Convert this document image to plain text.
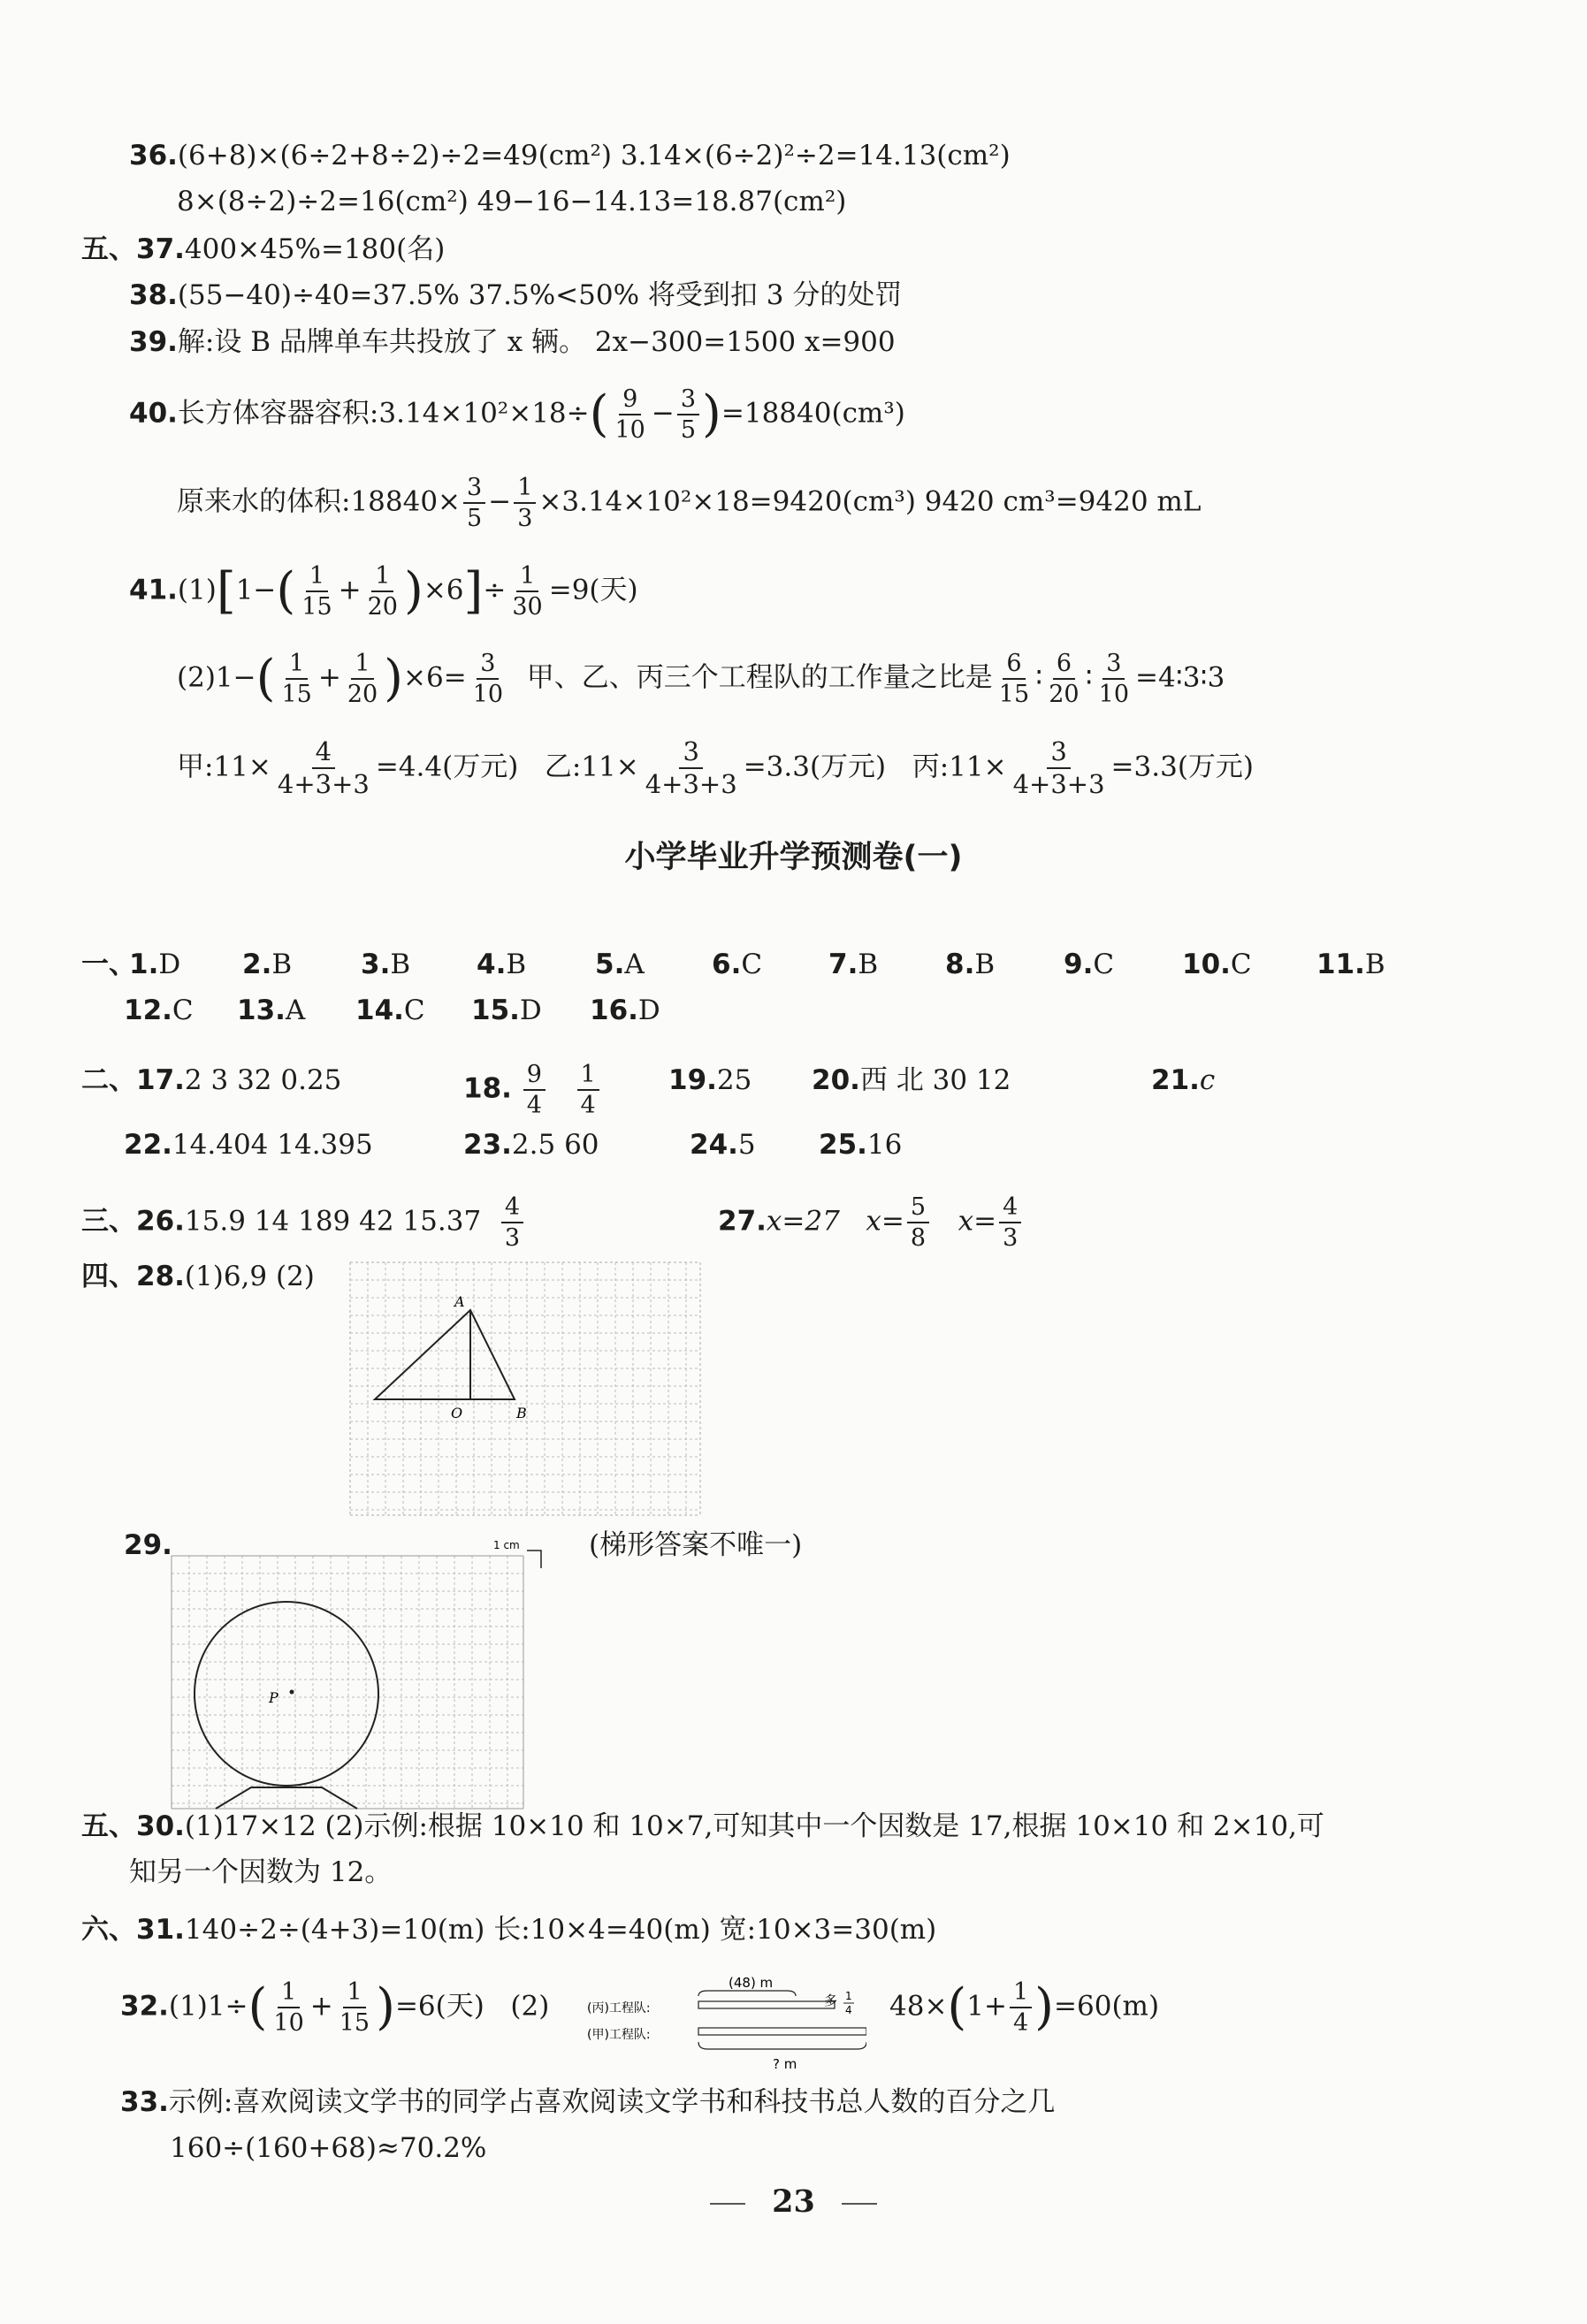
36.(6+8)×(6÷2+8÷2)÷2=49(cm²) 3.14×(6÷2)²÷2=14.13(cm²)
8×(8÷2)÷2=16(cm²) 49−16−14.13=18.87(cm²)
五、37.400×45%=180(名)
38.(55−40)÷40=37.5% 37.5%<50% 将受到扣 3 分的处罚
39.解:设 B 品牌单车共投放了 x 辆。 2x−300=1500 x=900
40.长方体容器容积:3.14×10²×18÷( $\frac{9}{10} - \frac{3}{5} )=18840(cm^3)$
原来水的体积:18840× $\frac{3}{5} - \frac{1}{3} \times 3.14\times 10^2\times 18=9420(cm^3)$ 9420 cm³=9420 mL
$41.(1)[1-( \frac{1}{15} + \frac{1}{20} )\times 6]\div \frac{1}{30} =9$(天)
$(2)1-( \frac{1}{15} + \frac{1}{20} )\times 6= \frac{3}{10}$ 甲、乙、丙三个工程队的工作量之比是 $\frac{6}{15}$ ∶ $\frac{6}{20}$ ∶ $\frac{3}{10}$ =4∶3∶3
甲:11× $\frac{4}{4+3+3} =4.4$(万元) 乙:11× $\frac{3}{4+3+3} =3.3$(万元) 丙:11× $\frac{3}{4+3+3} =3.3$(万元)
小学毕业升学预测卷(一)
一、
1.D 2.B	3.B 4.B	5.A 6.C 7.B 8.B	9.C 10.C 11.B
12.C 13.A 14.C 15.D 16.D
二、17.2 3 32 0.25	18. $\frac{9}{4}$
$\frac{1}{4}$	19.25 20.西 北 30 12	21.c
22.14.404 14.395	23.2.5 60	24.5 25.16
三、26.15.9 14 189 42 $15.37 \frac{4}{3}$	27.x=27 $x= \frac{5}{8} x= \frac{4}{3}$
四、28.(1)6,9 (2)
A
O	B
29.	(梯形答案不唯一)
P
1 cm
五、30.(1)17×12 (2)示例:根据 10×10 和 10×7,可知其中一个因数是 17,根据 10×10 和 2×10,可
知另一个因数为 12。
六、31.140÷2÷(4+3)=10(m) 长:10×4=40(m) 宽:10×3=30(m)
$32.(1)1\div( \frac{1}{10} + \frac{1}{15} )=6$(天) (2)
(48) m
(丙)工程队:
(甲)工程队:
多 1
4
? m
$48\times(1+ \frac{1}{4} )=60(m)$
33.示例:喜欢阅读文学书的同学占喜欢阅读文学书和科技书总人数的百分之几
160÷(160+68)≈70.2%
23
